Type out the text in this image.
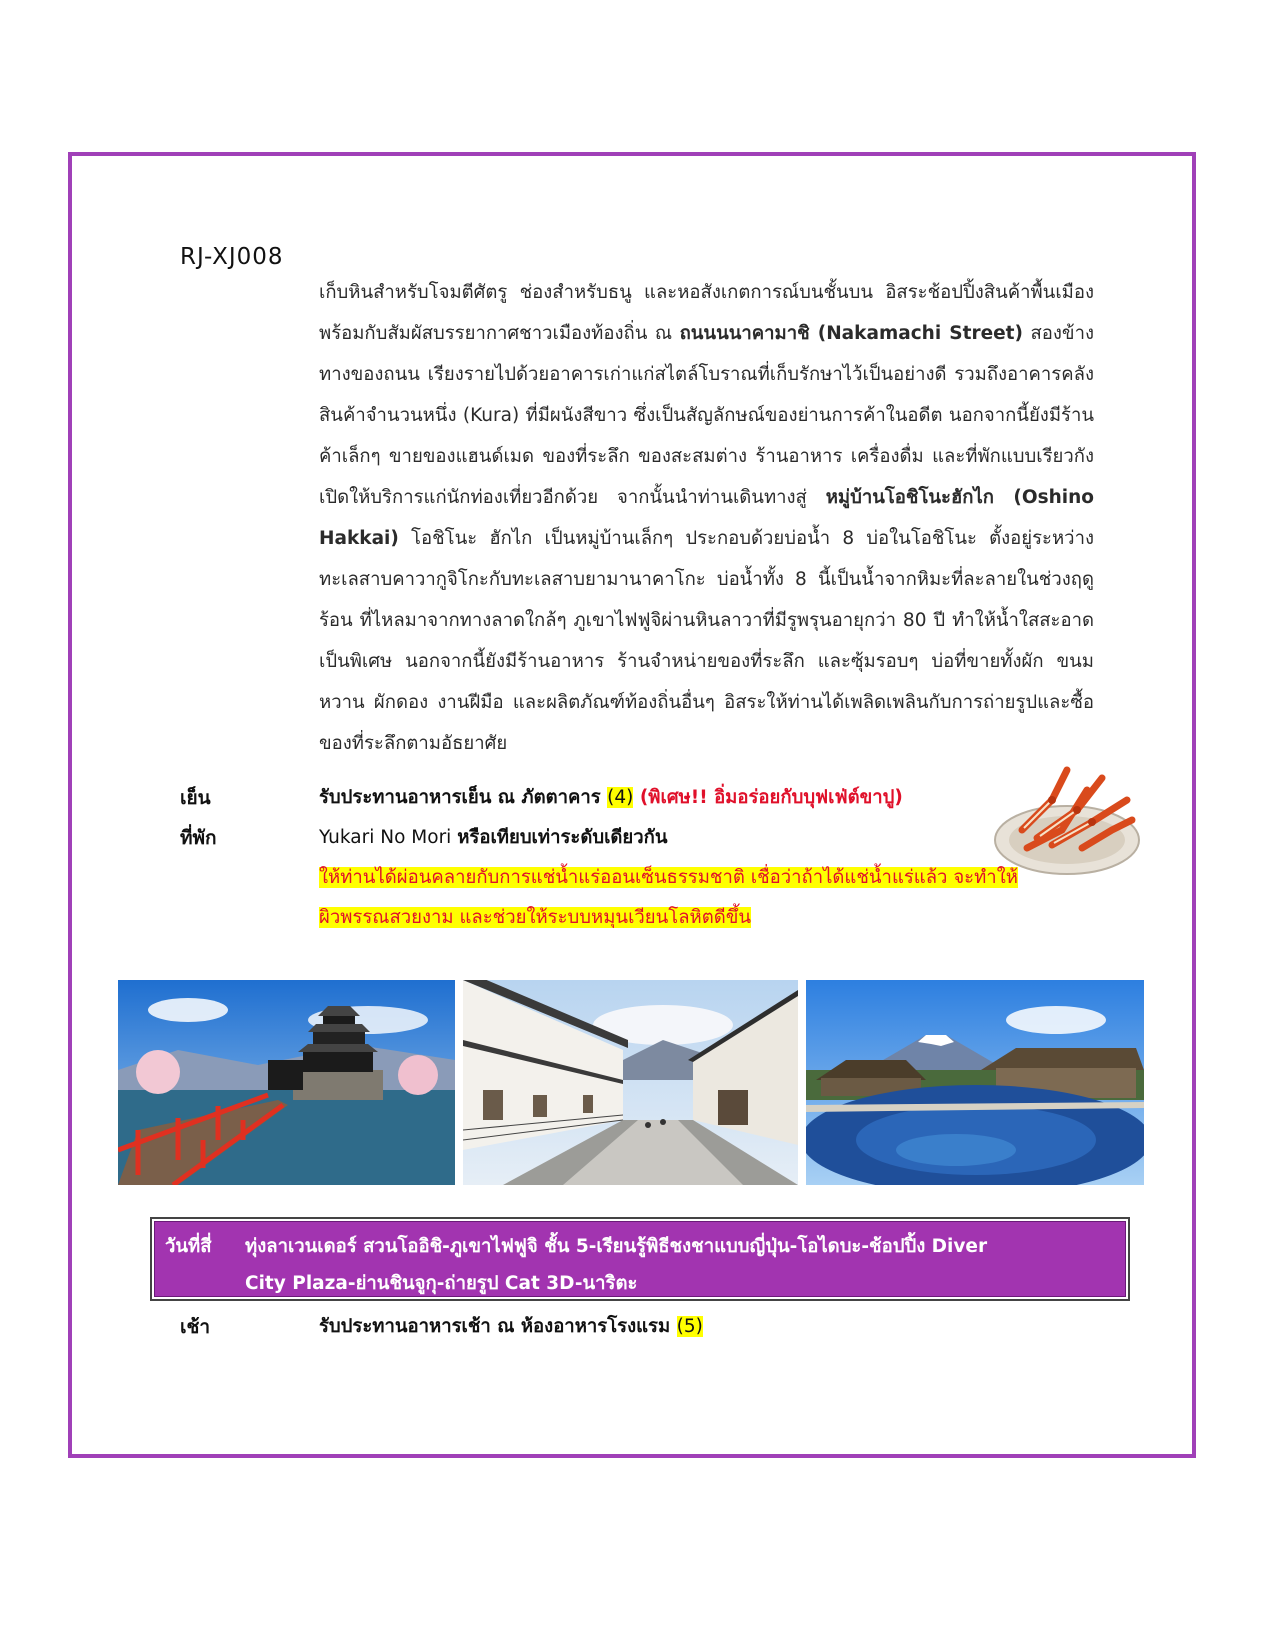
RJ-XJ008
เก็บหินสำหรับโจมตีศัตรู ช่องสำหรับธนู และหอสังเกตการณ์บนชั้นบน อิสระช้อปปิ้งสินค้าพื้นเมือง พร้อมกับสัมผัสบรรยากาศชาวเมืองท้องถิ่น ณ ถนนนนาคามาชิ (Nakamachi Street) สองข้างทางของถนน เรียงรายไปด้วยอาคารเก่าแก่สไตล์โบราณที่เก็บรักษาไว้เป็นอย่างดี รวมถึงอาคารคลังสินค้าจำนวนหนึ่ง (Kura) ที่มีผนังสีขาว ซึ่งเป็นสัญลักษณ์ของย่านการค้าในอดีต นอกจากนี้ยังมีร้านค้าเล็กๆ ขายของแฮนด์เมด ของที่ระลึก ของสะสมต่าง ร้านอาหาร เครื่องดื่ม และที่พักแบบเรียวกังเปิดให้บริการแก่นักท่องเที่ยวอีกด้วย จากนั้นนำท่านเดินทางสู่ หมู่บ้านโอชิโนะฮักไก (Oshino Hakkai) โอชิโนะ ฮักไก เป็นหมู่บ้านเล็กๆ ประกอบด้วยบ่อน้ำ 8 บ่อในโอชิโนะ ตั้งอยู่ระหว่างทะเลสาบคาวากูจิโกะกับทะเลสาบยามานาคาโกะ บ่อน้ำทั้ง 8 นี้เป็นน้ำจากหิมะที่ละลายในช่วงฤดูร้อน ที่ไหลมาจากทางลาดใกล้ๆ ภูเขาไฟฟูจิผ่านหินลาวาที่มีรูพรุนอายุกว่า 80 ปี ทำให้น้ำใสสะอาดเป็นพิเศษ นอกจากนี้ยังมีร้านอาหาร ร้านจำหน่ายของที่ระลึก และซุ้มรอบๆ บ่อที่ขายทั้งผัก ขนมหวาน ผักดอง งานฝีมือ และผลิตภัณฑ์ท้องถิ่นอื่นๆ อิสระให้ท่านได้เพลิดเพลินกับการถ่ายรูปและซื้อของที่ระลึกตามอัธยาศัย
เย็น	รับประทานอาหารเย็น ณ ภัตตาคาร (4) (พิเศษ!! อิ่มอร่อยกับบุฟเฟ่ต์ขาปู)
ที่พัก	Yukari No Mori หรือเทียบเท่าระดับเดียวกัน
ให้ท่านได้ผ่อนคลายกับการแช่น้ำแร่ออนเซ็นธรรมชาติ เชื่อว่าถ้าได้แช่น้ำแร่แล้ว จะทำให้
ผิวพรรณสวยงาม และช่วยให้ระบบหมุนเวียนโลหิตดีขึ้น
วันที่สี่ ทุ่งลาเวนเดอร์ สวนโออิชิ-ภูเขาไฟฟูจิ ชั้น 5-เรียนรู้พิธีชงชาแบบญี่ปุ่น-โอไดบะ-ช้อปปิ้ง Diver
City Plaza-ย่านชินจูกุ-ถ่ายรูป Cat 3D-นาริตะ
เช้า	รับประทานอาหารเช้า ณ ห้องอาหารโรงแรม (5)
